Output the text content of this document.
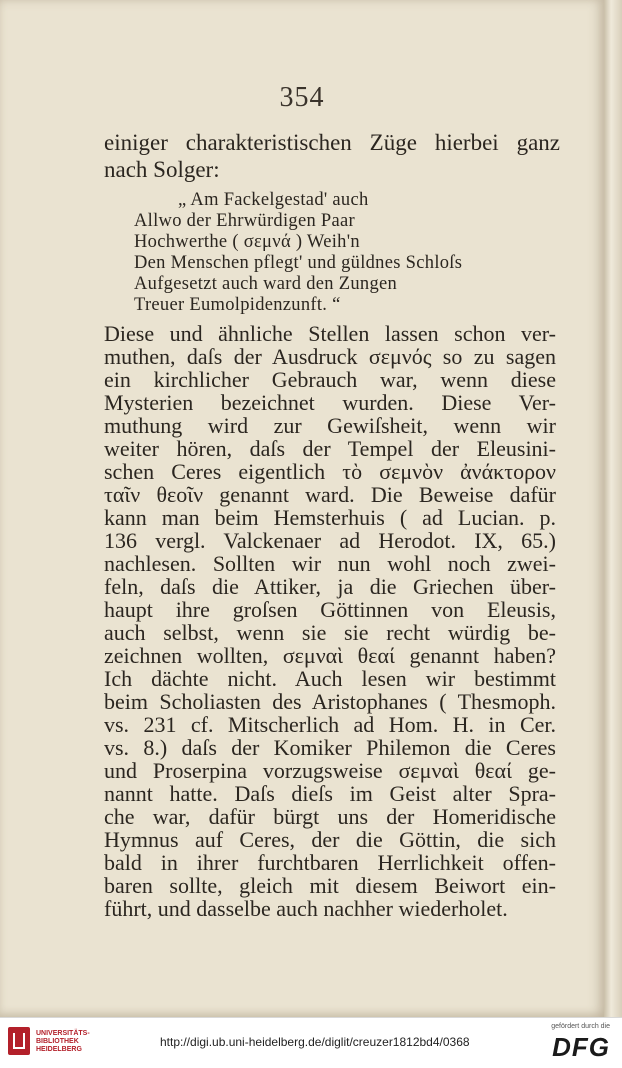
354
einiger charakteristischen Züge hierbei ganz
nach Solger:
„ Am Fackelgestad' auch
Allwo der Ehrwürdigen Paar
Hochwerthe ( σεμνά ) Weih'n
Den Menschen pflegt' und güldnes Schloſs
Aufgesetzt auch ward den Zungen
Treuer Eumolpidenzunft. “
Diese und ähnliche Stellen lassen schon ver-
muthen, daſs der Ausdruck σεμνός so zu sagen
ein kirchlicher Gebrauch war, wenn diese
Mysterien bezeichnet wurden. Diese Ver-
muthung wird zur Gewiſsheit, wenn wir
weiter hören, daſs der Tempel der Eleusini-
schen Ceres eigentlich τὸ σεμνὸν ἀνάκτορον
ταῖν θεοῖν genannt ward. Die Beweise dafür
kann man beim Hemsterhuis ( ad Lucian. p.
136 vergl. Valckenaer ad Herodot. IX, 65.)
nachlesen. Sollten wir nun wohl noch zwei-
feln, daſs die Attiker, ja die Griechen über-
haupt ihre groſsen Göttinnen von Eleusis,
auch selbst, wenn sie sie recht würdig be-
zeichnen wollten, σεμναὶ θεαί genannt haben?
Ich dächte nicht. Auch lesen wir bestimmt
beim Scholiasten des Aristophanes ( Thesmoph.
vs. 231 cf. Mitscherlich ad Hom. H. in Cer.
vs. 8.) daſs der Komiker Philemon die Ceres
und Proserpina vorzugsweise σεμναὶ θεαί ge-
nannt hatte. Daſs dieſs im Geist alter Spra-
che war, dafür bürgt uns der Homeridische
Hymnus auf Ceres, der die Göttin, die sich
bald in ihrer furchtbaren Herrlichkeit offen-
baren sollte, gleich mit diesem Beiwort ein-
führt, und dasselbe auch nachher wiederholet.
UNIVERSITÄTS-
BIBLIOTHEK
HEIDELBERG
http://digi.ub.uni-heidelberg.de/diglit/creuzer1812bd4/0368
gefördert durch die
DFG
